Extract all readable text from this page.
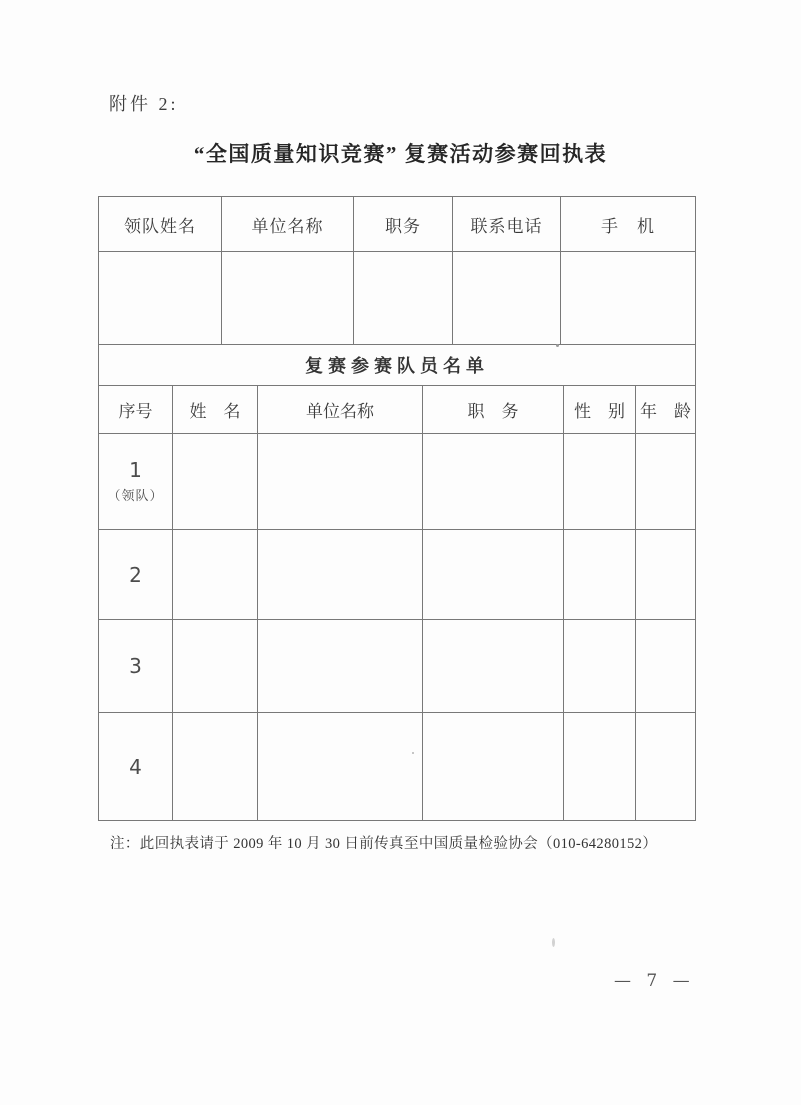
附件 2:
“全国质量知识竞赛” 复赛活动参赛回执表
领队姓名	单位名称	职务	联系电话	手　机

复赛参赛队员名单					
序号	姓　名	单位名称	职　务	性　别	年　龄

1
（领队）					

2					

3					

4					

注：此回执表请于 2009 年 10 月 30 日前传真至中国质量检验协会（010-64280152）
— 7 —
